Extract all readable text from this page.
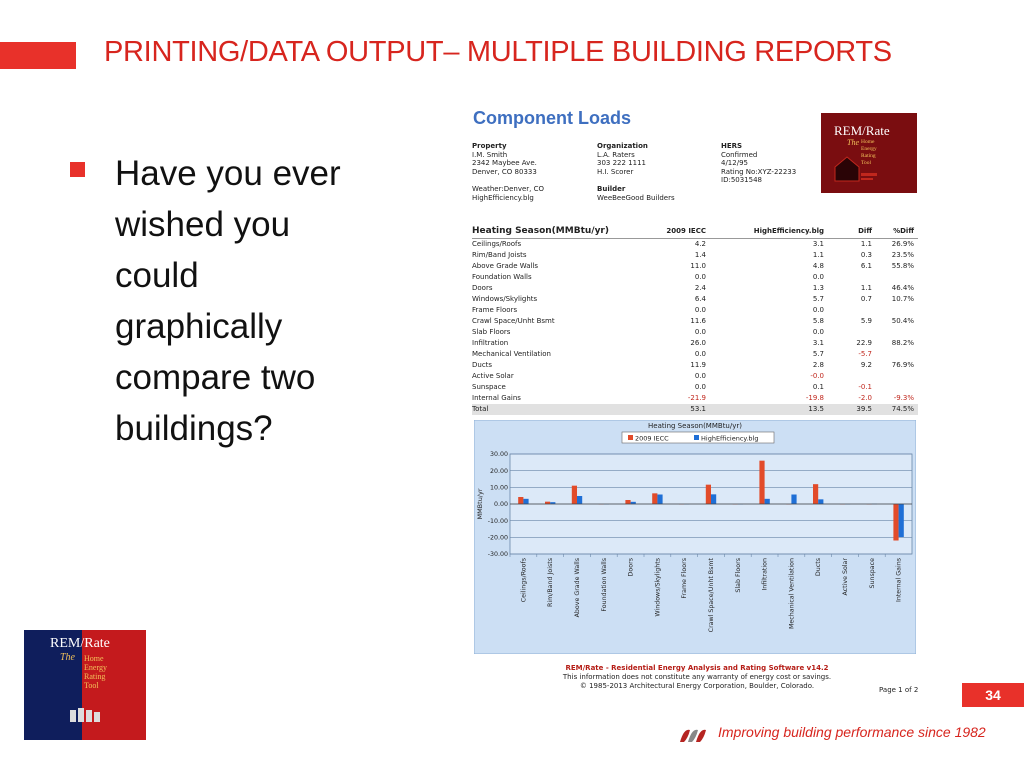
PRINTING/DATA OUTPUT– MULTIPLE BUILDING REPORTS

Have you ever wished you could graphically compare two buildings?

Component Loads
Property
I.M. Smith
2342 Maybee Ave.
Denver, CO 80333
Organization
L.A. Raters
303 222 1111
H.I. Scorer
HERS
Confirmed
4/12/95
Rating No:XYZ-22233
ID:5031548
Weather:Denver, CO
HighEfficiency.blg
Builder
WeeBeeGood Builders
REM/Rate
The Home
Energy
Rating
Tool
Heating Season(MMBtu/yr)	2009 IECC	HighEfficiency.blg	Diff	%Diff
Ceilings/Roofs	4.2	3.1	1.1	26.9%
Rim/Band Joists	1.4	1.1	0.3	23.5%
Above Grade Walls	11.0	4.8	6.1	55.8%
Foundation Walls	0.0	0.0
Doors	2.4	1.3	1.1	46.4%
Windows/Skylights	6.4	5.7	0.7	10.7%
Frame Floors	0.0	0.0
Crawl Space/Unht Bsmt	11.6	5.8	5.9	50.4%
Slab Floors	0.0	0.0
Infiltration	26.0	3.1	22.9	88.2%
Mechanical Ventilation	0.0	5.7	-5.7
Ducts	11.9	2.8	9.2	76.9%
Active Solar	0.0	-0.0
Sunspace	0.0	0.1	-0.1
Internal Gains	-21.9	-19.8	-2.0	-9.3%
Total	53.1	13.5	39.5	74.5%
Heating Season(MMBtu/yr)
2009 IECC	HighEfficiency.blg
30.00
20.00
10.00
0.00
-10.00
-20.00
-30.00
MMBtu/yr
Ceilings/Roofs	Rim/Band Joists	Above Grade Walls	Foundation Walls	Doors	Windows/Skylights	Frame Floors	Crawl Space/Unht Bsmt	Slab Floors	Infiltration	Mechanical Ventilation	Ducts	Active Solar	Sunspace	Internal Gains
REM/Rate - Residential Energy Analysis and Rating Software v14.2
This information does not constitute any warranty of energy cost or savings.
© 1985-2013 Architectural Energy Corporation, Boulder, Colorado.	Page 1 of 2	34
REM/Rate
The Home
Energy
Rating
Tool
Improving building performance since 1982
